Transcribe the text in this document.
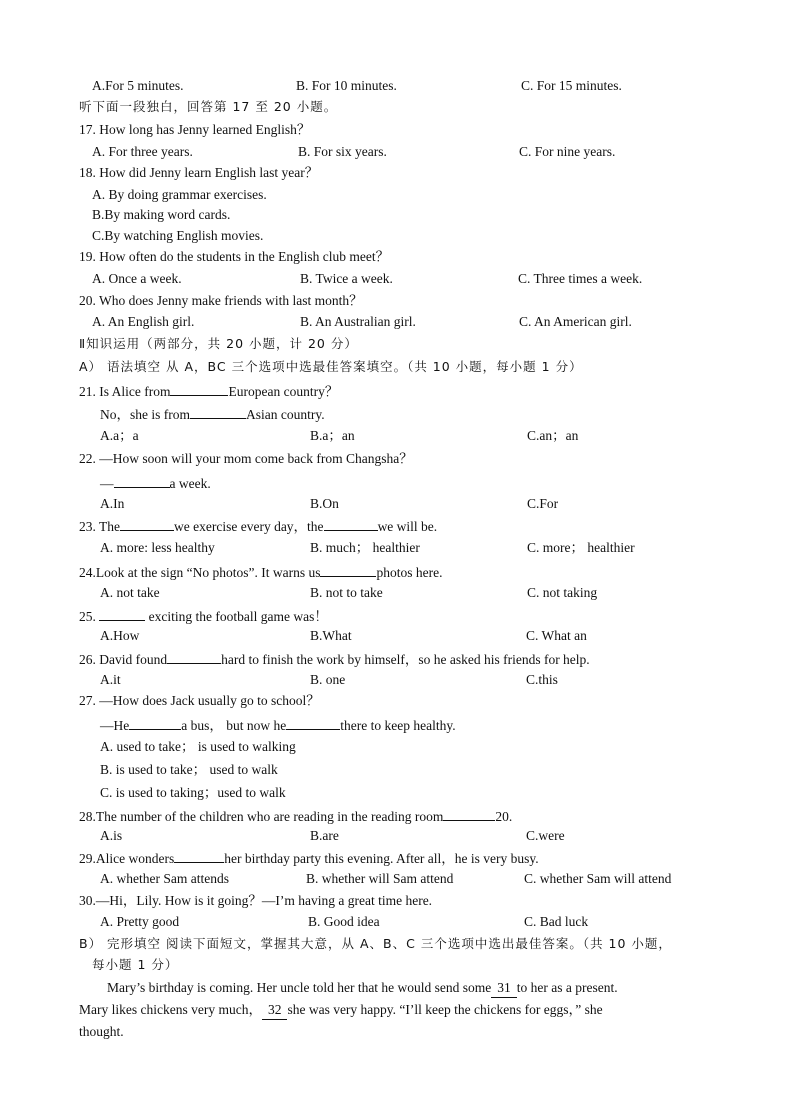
A.For 5 minutes.	B. For 10 minutes.	C. For 15 minutes.
听下面一段独白，回答第 17 至 20 小题。
17. How long has Jenny learned English？
A. For three years.	B. For six years.	C. For nine years.
18. How did Jenny learn English last year？
A. By doing grammar exercises.
B.By making word cards.
C.By watching English movies.
19. How often do the students in the English club meet？
A. Once a week.	B. Twice a week.	C. Three times a week.
20. Who does Jenny make friends with last month？
A. An English girl.	B. An Australian girl.	C. An American girl.
Ⅱ知识运用（两部分，共 20 小题，计 20 分）
A） 语法填空 从 A，BC 三个选项中选最佳答案填空。（共 10 小题，每小题 1 分）
21. Is Alice from	European country？
No，she is from	Asian country.
A.a；a	B.a；an	C.an；an
22. —How soon will your mom come back from Changsha？
—	a week.
A.In	B.On	C.For
23. The	we exercise every day，the	we will be.
A. more: less healthy	B. much； healthier	C. more； healthier
24.Look at the sign “No photos”. It warns us	photos here.
A. not take	B. not to take	C. not taking
25.	exciting the football game was！
A.How	B.What	C. What an
26. David found	hard to finish the work by himself，so he asked his friends for help.
A.it	B. one	C.this
27. —How does Jack usually go to school？
—He	a bus， but now he	there to keep healthy.
A. used to take； is used to walking
B. is used to take； used to walk
C. is used to taking；used to walk
28.The number of the children who are reading in the reading room	20.
A.is	B.are	C.were
29.Alice wonders	her birthday party this evening. After all，he is very busy.
A. whether Sam attends	B. whether will Sam attend	C. whether Sam will attend
30.—Hi，Lily. How is it going？—I’m having a great time here.
A. Pretty good	B. Good idea	C. Bad luck
B） 完形填空 阅读下面短文，掌握其大意，从 A、B、C 三个选项中选出最佳答案。（共 10 小题，
每小题 1 分）
Mary’s birthday is coming. Her uncle told her that he would send some 31 to her as a present.
Mary likes chickens very much， 32 she was very happy. “I’ll keep the chickens for eggs，” she
thought.
